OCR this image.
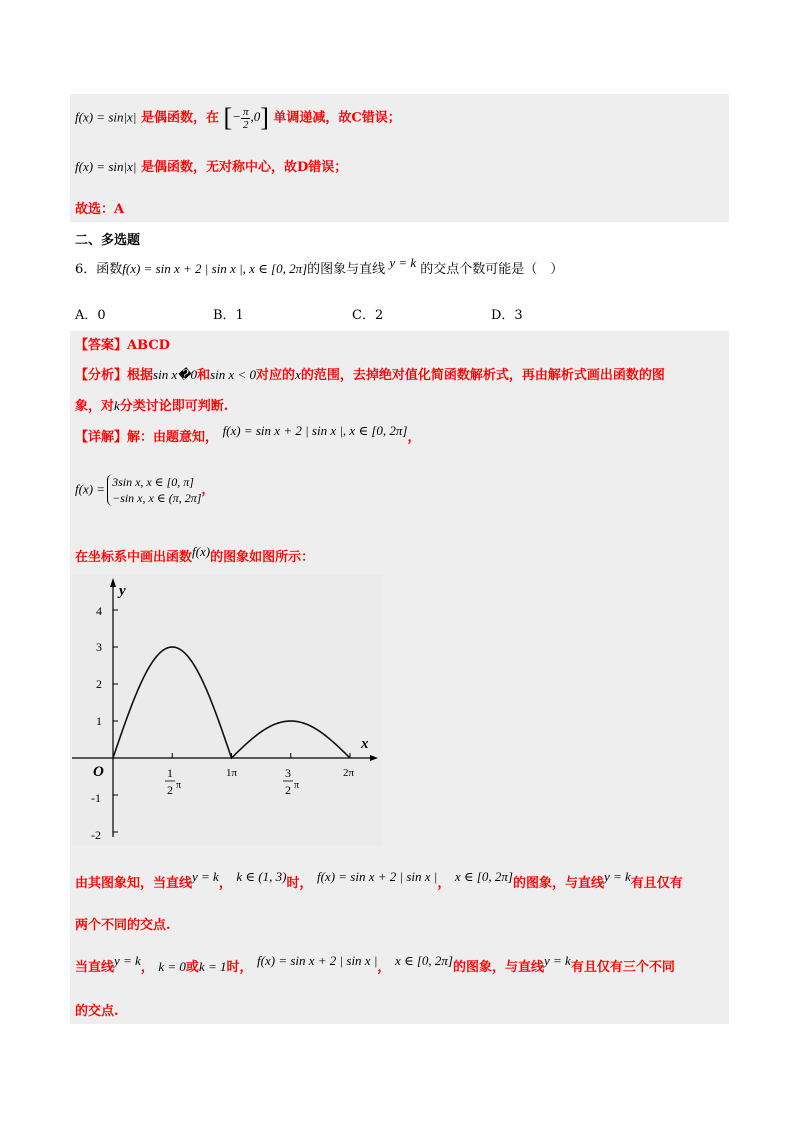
f(x) = sin|x| 是偶函数，在 [− $\frac{\pi}{2},0$] 单调递减，故C错误；
f(x) = sin|x| 是偶函数，无对称中心，故D错误；
故选：A
二、多选题
6．函数f(x) = sin x + 2 | sin x |, x ∈ [0, 2π]的图象与直线 y = k 的交点个数可能是（　）
A．0	B．1	C．2	D．3
【答案】ABCD
【分析】根据sin x�0和sin x < 0对应的x的范围，去掉绝对值化简函数解析式，再由解析式画出函数的图
象，对k分类讨论即可判断.
【详解】解：由题意知， f(x) = sin x + 2 | sin x |, x ∈ [0, 2π]，
f(x) = 3sin x, x ∈ [0, π]
−sin x, x ∈ (π, 2π]
，
在坐标系中画出函数f(x)的图象如图所示：
y
x
O
4
3
2
1
-1
-2
1
2 π
1π	3
2 π
2π
由其图象知，当直线y = k， k ∈ (1, 3)时， f(x) = sin x + 2 | sin x |， x ∈ [0, 2π]的图象，与直线y = k有且仅有
两个不同的交点.
当直线y = k， k = 0或k = 1时， f(x) = sin x + 2 | sin x |， x ∈ [0, 2π]的图象，与直线y = k有且仅有三个不同
的交点.
